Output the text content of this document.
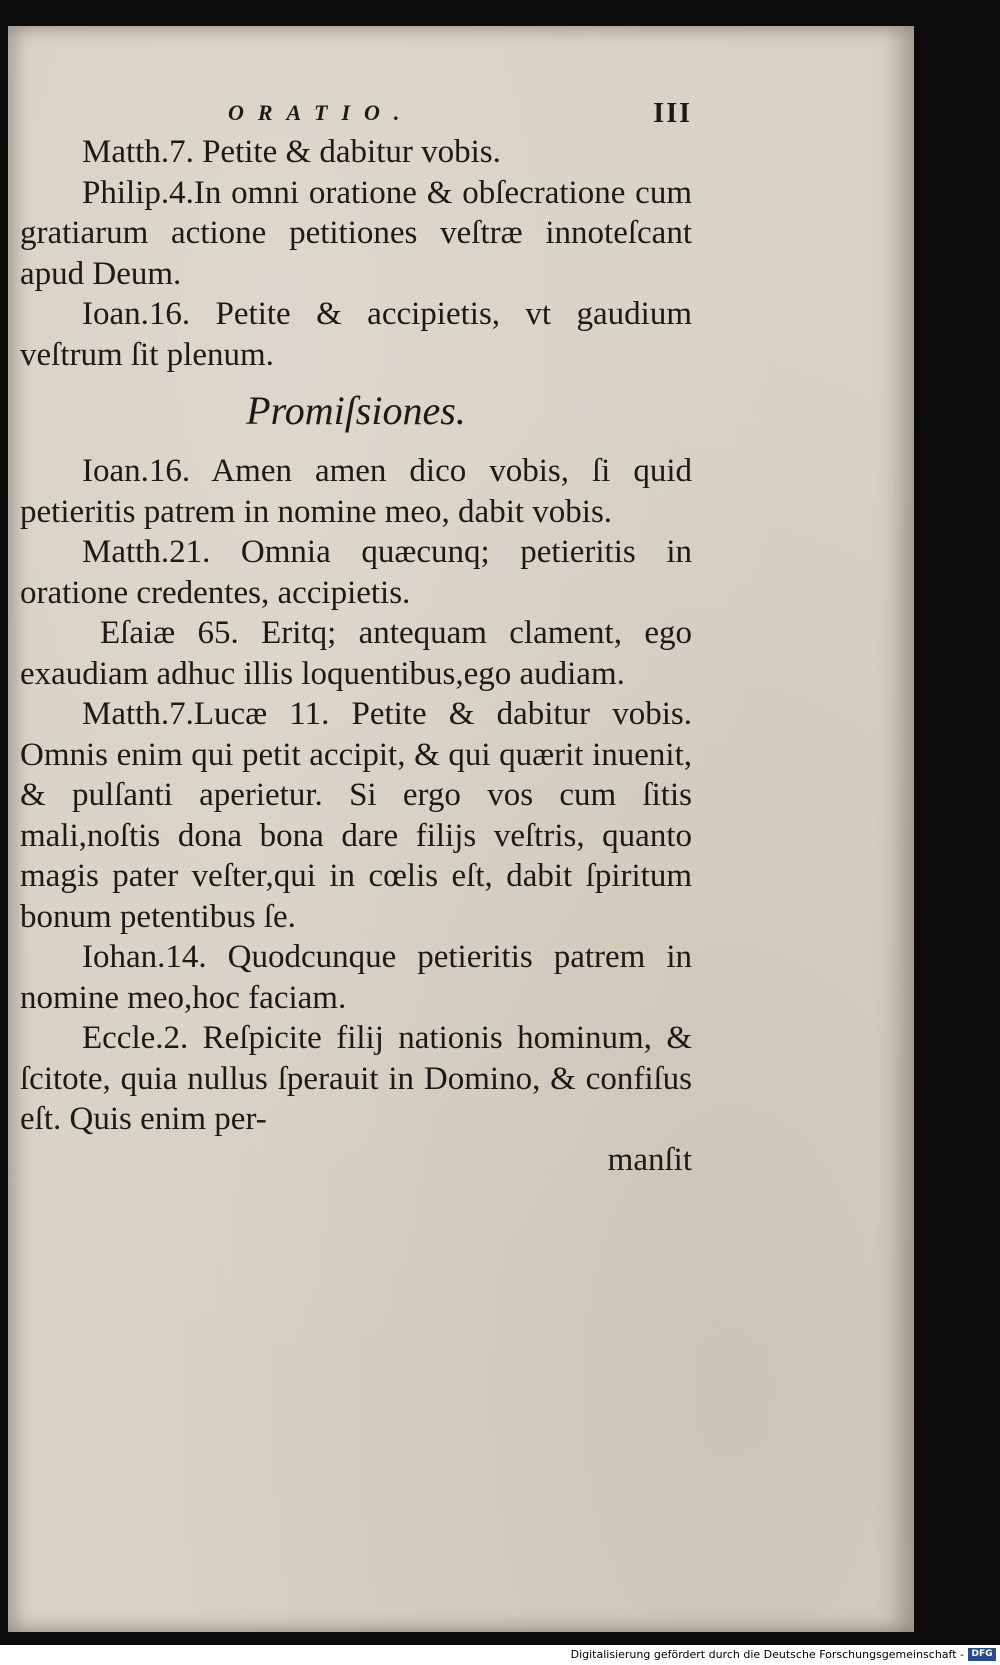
ORATIO.	III

Matth.7. Petite & dabitur vobis.

Philip.4.In omni oratione & obſecratione cum gratiarum actione petitiones veſtræ innoteſcant apud Deum.

Ioan.16. Petite & accipietis, vt gaudium veſtrum ſit plenum.

Promiſsiones.

Ioan.16. Amen amen dico vobis, ſi quid petieritis patrem in nomine meo, dabit vobis.

Matth.21. Omnia quæcunq; petieritis in oratione credentes, accipietis.

Eſaiæ 65. Eritq; antequam clament, ego exaudiam adhuc illis loquentibus,ego audiam.

Matth.7.Lucæ 11. Petite & dabitur vobis. Omnis enim qui petit accipit, & qui quærit inuenit, & pulſanti aperietur. Si ergo vos cum ſitis mali,noſtis dona bona dare filijs veſtris, quanto magis pater veſter,qui in cœlis eſt, dabit ſpiritum bonum petentibus ſe.

Iohan.14. Quodcunque petieritis patrem in nomine meo,hoc faciam.

Eccle.2. Reſpicite filij nationis hominum, & ſcitote, quia nullus ſperauit in Domino, & confiſus eſt. Quis enim per-

manſit

Digitalisierung gefördert durch die Deutsche Forschungsgemeinschaft - DFG
